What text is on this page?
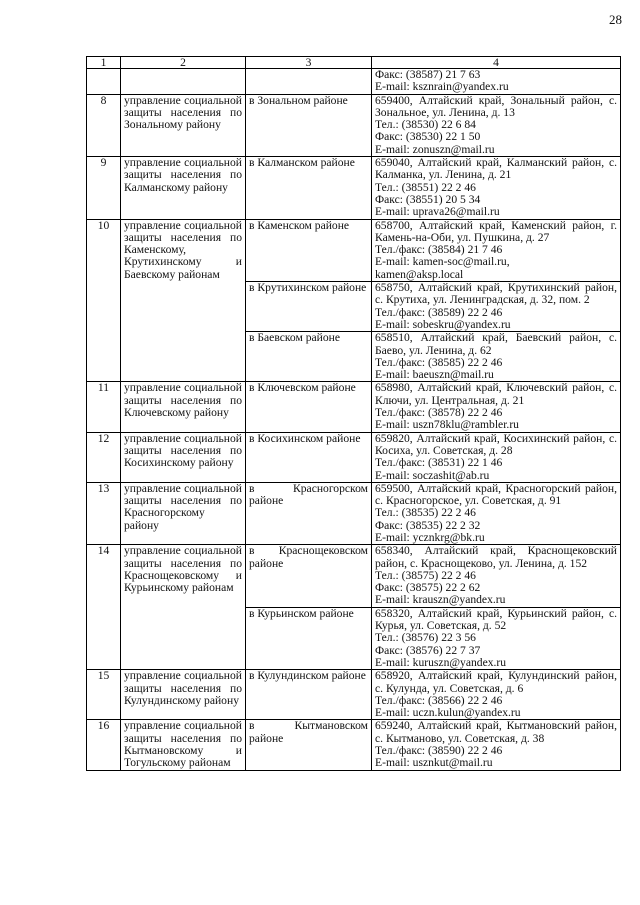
28
1	2	3	4
			Факс: (38587) 21 7 63
E-mail: ksznrain@yandex.ru
8	управление социальной защиты населения по Зональному району	в Зональном районе	659400, Алтайский край, Зональный район, с. Зональное, ул. Ленина, д. 13
Тел.: (38530) 22 6 84
Факс: (38530) 22 1 50
E-mail: zonuszn@mail.ru
9	управление социальной защиты населения по Калманскому району	в Калманском районе	659040, Алтайский край, Калманский район, с. Калманка, ул. Ленина, д. 21
Тел.: (38551) 22 2 46
Факс: (38551) 20 5 34
E-mail: uprava26@mail.ru
10	управление социальной защиты населения по Каменскому, Крутихинскому и Баевскому районам	в Каменском районе	658700, Алтайский край, Каменский район, г. Камень-на-Оби, ул. Пушкина, д. 27
Тел./факс: (38584) 21 7 46
E-mail: kamen-soc@mail.ru,
kamen@aksp.local
		в Крутихинском районе	658750, Алтайский край, Крутихинский район, с. Крутиха, ул. Ленинградская, д. 32, пом. 2
Тел./факс: (38589) 22 2 46
E-mail: sobeskru@yandex.ru
		в Баевском районе	658510, Алтайский край, Баевский район, с. Баево, ул. Ленина, д. 62
Тел./факс: (38585) 22 2 46
E-mail: baeuszn@mail.ru
11	управление социальной защиты населения по Ключевскому району	в Ключевском районе	658980, Алтайский край, Ключевский район, с. Ключи, ул. Центральная, д. 21
Тел./факс: (38578) 22 2 46
E-mail: uszn78klu@rambler.ru
12	управление социальной защиты населения по Косихинскому району	в Косихинском районе	659820, Алтайский край, Косихинский район, с. Косиха, ул. Советская, д. 28
Тел./факс: (38531) 22 1 46
E-mail: soczashit@ab.ru
13	управление социальной защиты населения по Красногорскому району	в Красногорском районе	659500, Алтайский край, Красногорский район, с. Красногорское, ул. Советская, д. 91
Тел.: (38535) 22 2 46
Факс: (38535) 22 2 32
E-mail: ycznkrg@bk.ru
14	управление социальной защиты населения по Краснощековскому и Курьинскому районам	в Краснощековском районе	658340, Алтайский край, Краснощековский район, с. Краснощеково, ул. Ленина, д. 152
Тел.: (38575) 22 2 46
Факс: (38575) 22 2 62
E-mail: krauszn@yandex.ru
		в Курьинском районе	658320, Алтайский край, Курьинский район, с. Курья, ул. Советская, д. 52
Тел.: (38576) 22 3 56
Факс: (38576) 22 7 37
E-mail: kuruszn@yandex.ru
15	управление социальной защиты населения по Кулундинскому району	в Кулундинском районе	658920, Алтайский край, Кулундинский район, с. Кулунда, ул. Советская, д. 6
Тел./факс: (38566) 22 2 46
E-mail: uczn.kulun@yandex.ru
16	управление социальной защиты населения по Кытмановскому и Тогульскому районам	в Кытмановском районе	659240, Алтайский край, Кытмановский район, с. Кытманово, ул. Советская, д. 38
Тел./факс: (38590) 22 2 46
E-mail: usznkut@mail.ru
